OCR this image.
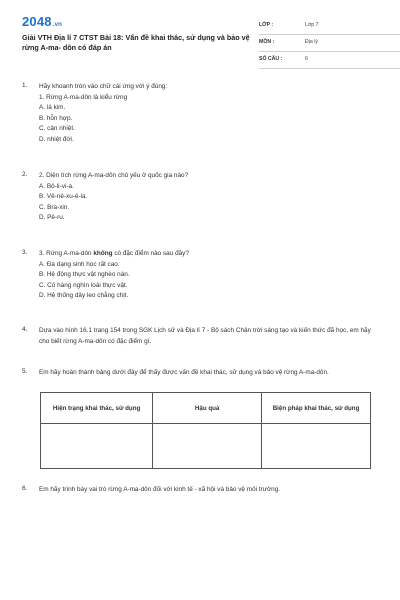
2048.vn
Giải VTH Địa lí 7 CTST Bài 18: Vấn đề khai thác, sử dụng và bảo vệ rừng A-ma- dôn có đáp án
LỚP :	Lớp 7
MÔN :	Địa lý
SỐ CÂU :	6
1. Hãy khoanh tròn vào chữ cái ứng với ý đúng:
1. Rừng A-ma-dôn là kiểu rừng
A. lá kim.
B. hỗn hợp.
C. cận nhiệt.
D. nhiệt đới.
2. 2. Diện tích rừng A-ma-dôn chủ yếu ở quốc gia nào?
A. Bô-li-vi-a.
B. Vê-nê-xu-ê-la.
C. Bra-xin.
D. Pê-ru.
3. 3. Rừng A-ma-dôn không có đặc điểm nào sau đây?
A. Đa dạng sinh học rất cao.
B. Hệ động thực vật nghèo nàn.
C. Có hàng nghìn loài thực vật.
D. Hệ thống dây leo chằng chịt.
4. Dựa vào hình 16.1 trang 154 trong SGK Lịch sử và Địa lí 7 - Bộ sách Chân trời sáng tạo và kiến thức đã học, em hãy cho biết rừng A-ma-dôn có đặc điểm gì.
5. Em hãy hoàn thành bảng dưới đây để thấy được vấn đề khai thác, sử dụng và bảo vệ rừng A-ma-dôn.
Hiện trạng khai thác, sử dụng	Hậu quả	Biện pháp khai thác, sử dụng

6. Em hãy trình bày vai trò rừng A-ma-dôn đối với kinh tế - xã hội và bảo vệ môi trường.
